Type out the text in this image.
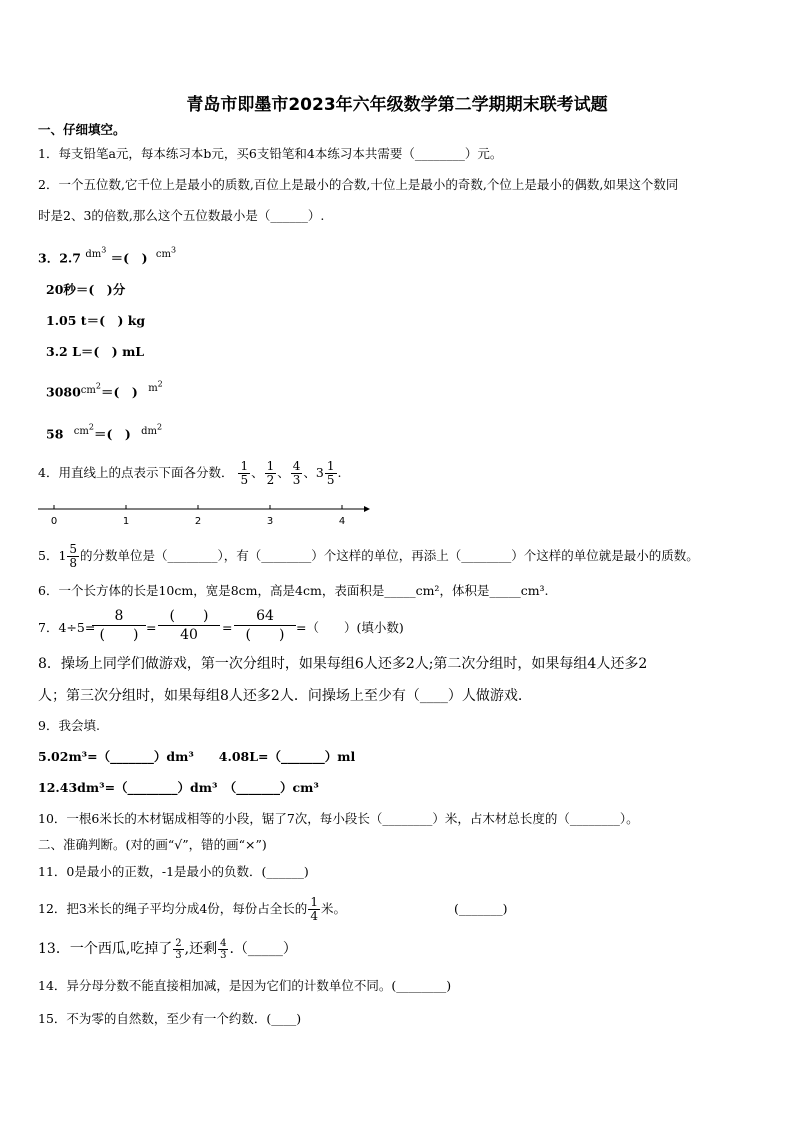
青岛市即墨市2023年六年级数学第二学期期末联考试题
一、仔细填空。
1．每支铅笔a元，每本练习本b元，买6支铅笔和4本练习本共需要（________）元。
2．一个五位数,它千位上是最小的质数,百位上是最小的合数,十位上是最小的奇数,个位上是最小的偶数,如果这个数同
时是2、3的倍数,那么这个五位数最小是（______）.
3．2.7 $^{dm^3}$ ＝(　) $^{cm^3}$
20秒＝(　)分
1.05 t＝(　) kg
3.2 L＝(　) mL
$3080^{cm^2}=$(　) $^{m^2}$
58 $^{cm^2}$＝(　) $^{dm^2}$
4．用直线上的点表示下面各分数． $\frac{1}{5}$ 、 $\frac{1}{2}$ 、 $\frac{4}{3}$ 、$3 \frac{1}{5}$ .
0	1	2	3	4
5．$1 \frac{5}{8}$ 的分数单位是（________），有（________）个这样的单位，再添上（________）个这样的单位就是最小的质数。
6．一个长方体的长是10cm，宽是8cm，高是4cm，表面积是_____cm²，体积是_____cm³.
7．4÷5=
8
(　　) =
(　　)
40	=
64
(　　) =（　　）(填小数)
8．操场上同学们做游戏，第一次分组时，如果每组6人还多2人;第二次分组时，如果每组4人还多2
人；第三次分组时，如果每组8人还多2人．问操场上至少有（____）人做游戏.
9．我会填.
5.02m³=（_______）dm³　　4.08L=（_______）ml
12.43dm³=（________）dm³　（_______）cm³
10．一根6米长的木材锯成相等的小段，锯了7次，每小段长（________）米，占木材总长度的（________）。
二、准确判断。(对的画“√”，错的画“×”)
11．0是最小的正数，-1是最小的负数．(______)
12．把3米长的绳子平均分成4份，每份占全长的 $\frac{1}{4}$ 米。	(_______)
13．一个西瓜,吃掉了 $\frac{2}{3}$ ,还剩 $\frac{4}{3}$ .（_____）
14．异分母分数不能直接相加减，是因为它们的计数单位不同。(________)
15．不为零的自然数，至少有一个约数．(____)
